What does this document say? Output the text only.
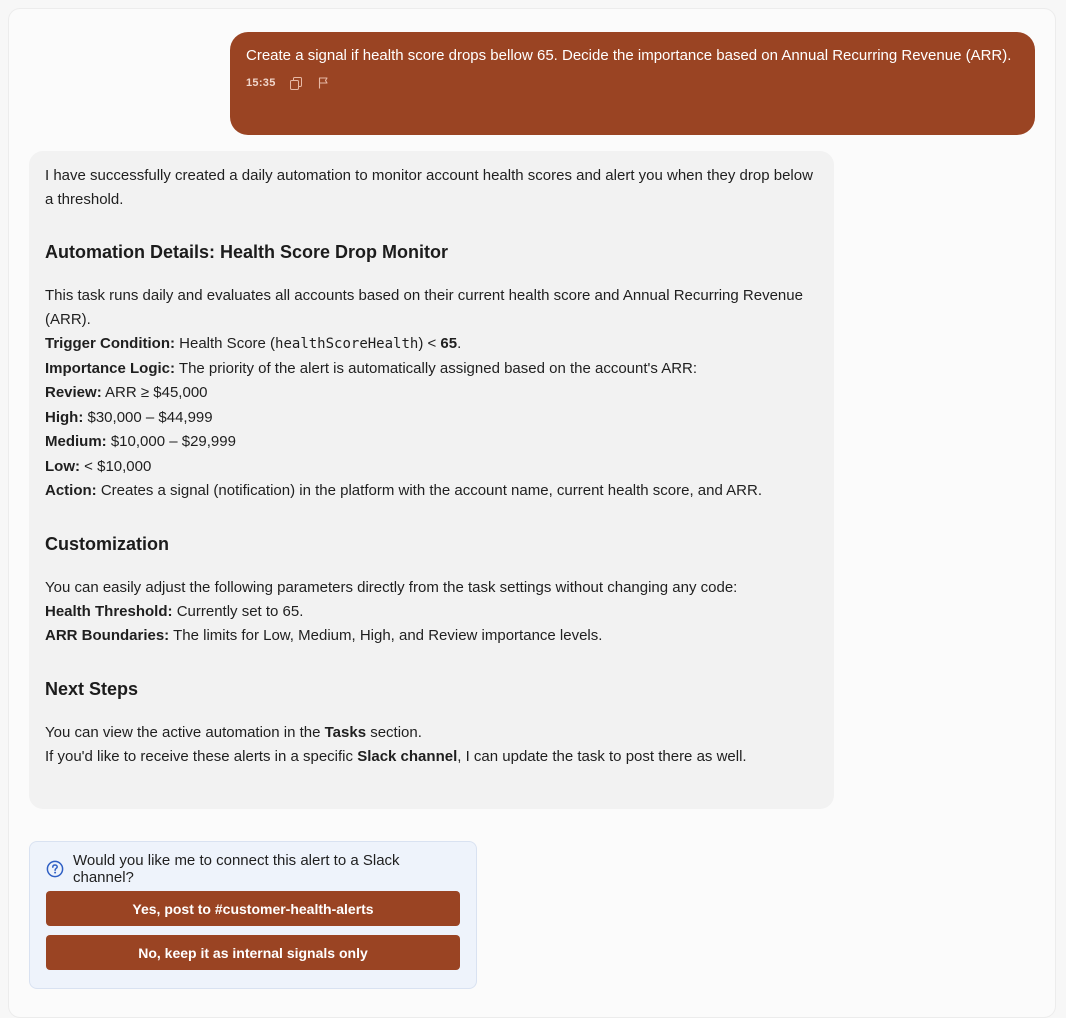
Create a signal if health score drops bellow 65. Decide the importance based on Annual Recurring Revenue (ARR).

15:35

I have successfully created a daily automation to monitor account health scores and alert you when they drop below a threshold.

Automation Details: Health Score Drop Monitor

This task runs daily and evaluates all accounts based on their current health score and Annual Recurring Revenue (ARR).

Trigger Condition: Health Score (healthScoreHealth) < 65.

Importance Logic: The priority of the alert is automatically assigned based on the account's ARR:

Review: ARR ≥ $45,000

High: $30,000 – $44,999

Medium: $10,000 – $29,999

Low: < $10,000

Action: Creates a signal (notification) in the platform with the account name, current health score, and ARR.

Customization

You can easily adjust the following parameters directly from the task settings without changing any code:

Health Threshold: Currently set to 65.

ARR Boundaries: The limits for Low, Medium, High, and Review importance levels.

Next Steps

You can view the active automation in the Tasks section.

If you'd like to receive these alerts in a specific Slack channel, I can update the task to post there as well.

Would you like me to connect this alert to a Slack channel?
Yes, post to #customer-health-alerts
No, keep it as internal signals only
